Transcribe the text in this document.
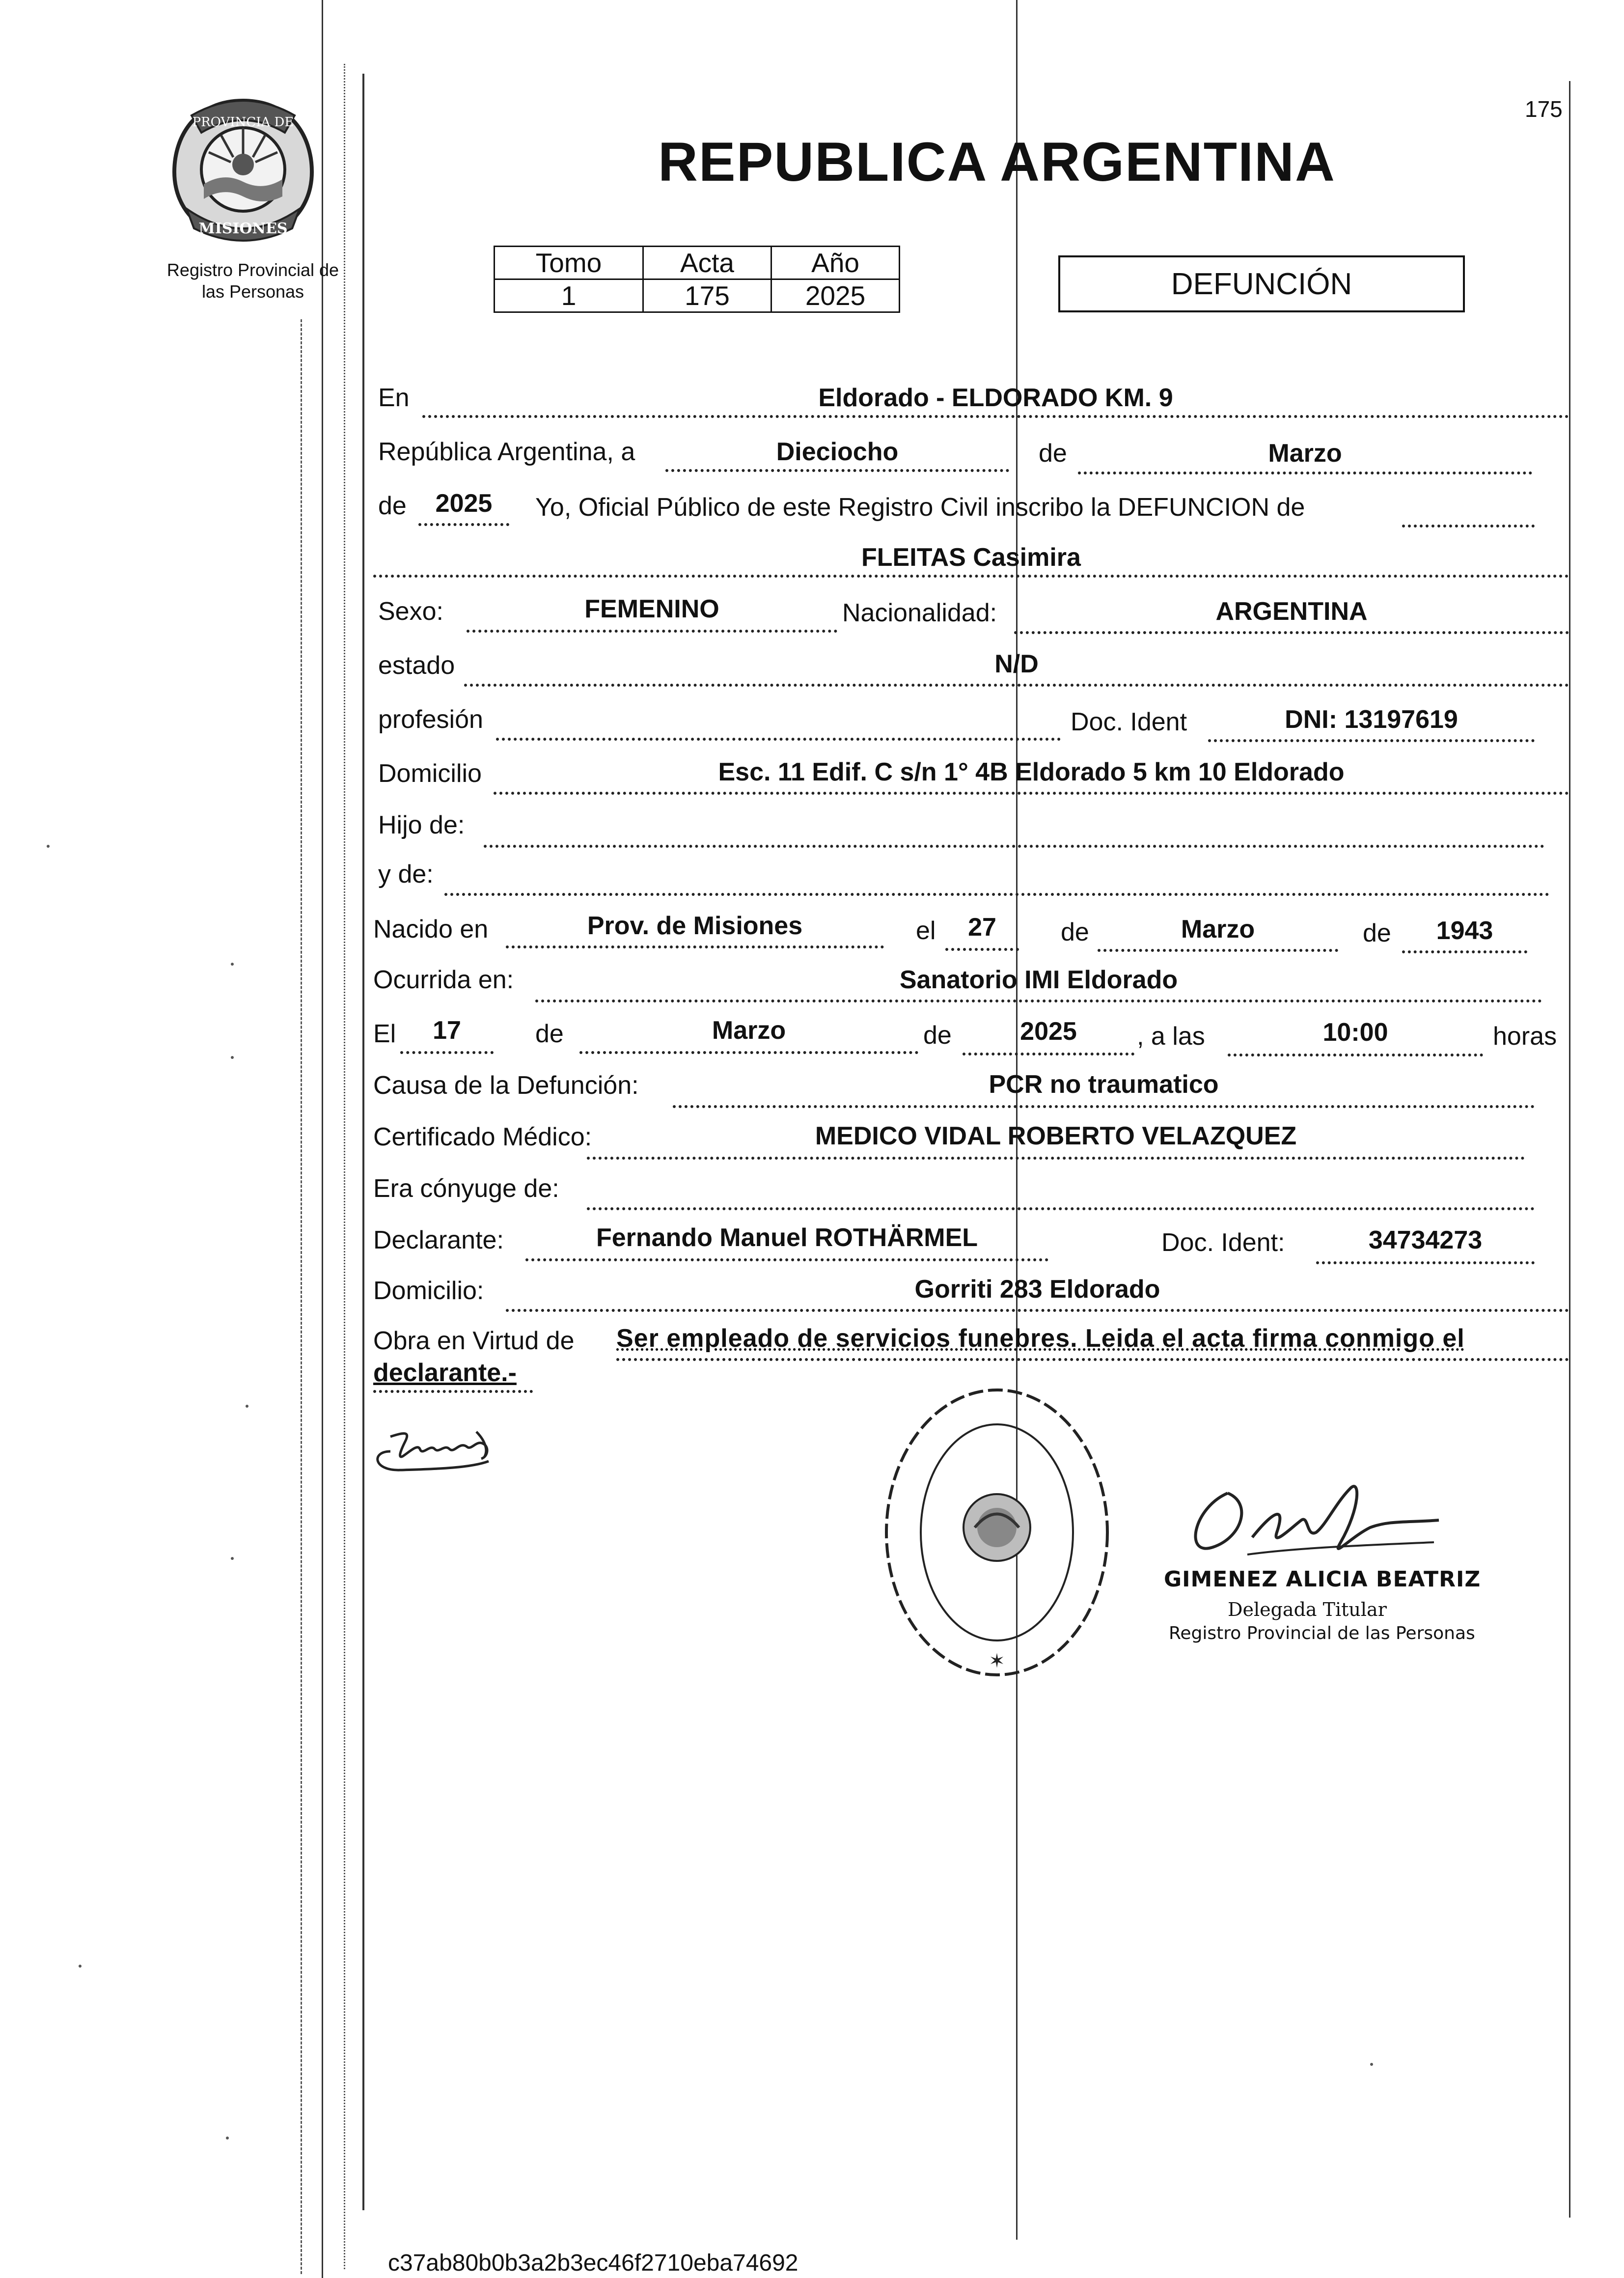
175
PROVINCIA DE
MISIONES
Registro Provincial de
las Personas
REPUBLICA ARGENTINA
Tomo	Acta	Año
1	175	2025	DEFUNCIÓN
En	Eldorado - ELDORADO KM. 9
República Argentina, a	Dieciocho	de	Marzo
de	2025	Yo, Oficial Público de este Registro Civil inscribo la DEFUNCION de
FLEITAS Casimira
Sexo:	FEMENINO	Nacionalidad:	ARGENTINA
estado	N/D
profesión	Doc. Ident	DNI: 13197619
Domicilio	Esc. 11 Edif. C s/n 1° 4B Eldorado 5 km 10 Eldorado
Hijo de:
y de:
Nacido en	Prov. de Misiones	el	27	de	Marzo	de	1943
Ocurrida en:	Sanatorio IMI Eldorado
El	17	de	Marzo	de	2025	, a las	10:00	horas
Causa de la Defunción:	PCR no traumatico
Certificado Médico:	MEDICO VIDAL ROBERTO VELAZQUEZ
Era cónyuge de:
Declarante:	Fernando Manuel ROTHÄRMEL	Doc. Ident:	34734273
Domicilio:	Gorriti 283 Eldorado
Obra en Virtud de Ser empleado de servicios funebres. Leida el acta firma conmigo el
declarante.-
✶
GIMENEZ ALICIA BEATRIZ
Delegada Titular
Registro Provincial de las Personas
c37ab80b0b3a2b3ec46f2710eba74692
